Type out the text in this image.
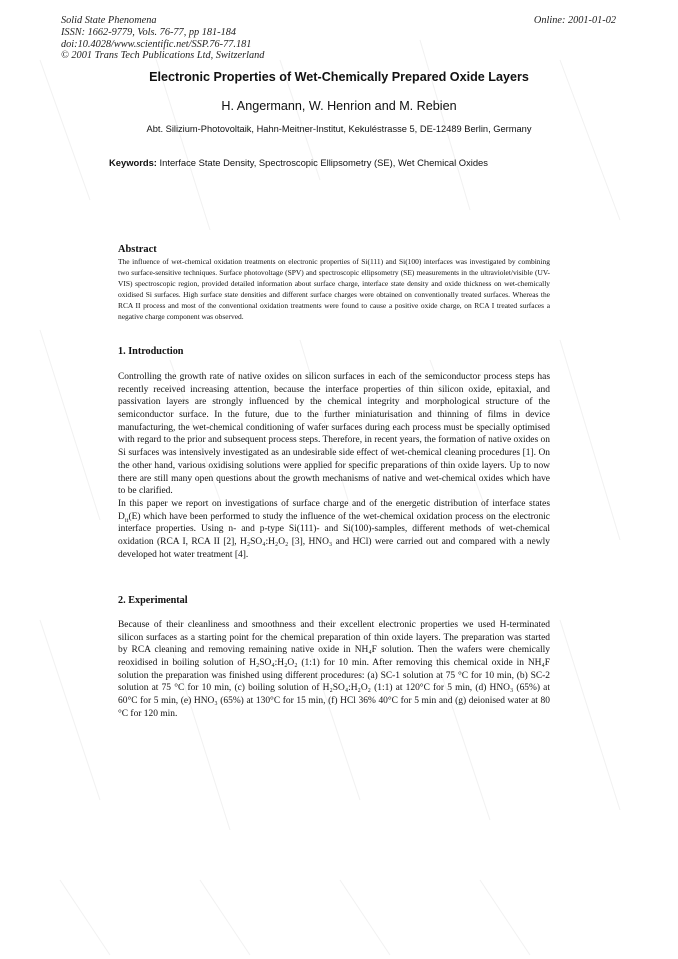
Solid State Phenomena
ISSN: 1662-9779, Vols. 76-77, pp 181-184
doi:10.4028/www.scientific.net/SSP.76-77.181
© 2001 Trans Tech Publications Ltd, Switzerland
Online: 2001-01-02
Electronic Properties of Wet-Chemically Prepared Oxide Layers
H. Angermann, W. Henrion and M. Rebien
Abt. Silizium-Photovoltaik, Hahn-Meitner-Institut, Kekuléstrasse 5, DE-12489 Berlin, Germany
Keywords: Interface State Density, Spectroscopic Ellipsometry (SE), Wet Chemical Oxides
Abstract
The influence of wet-chemical oxidation treatments on electronic properties of Si(111) and Si(100) interfaces was investigated by combining two surface-sensitive techniques. Surface photovoltage (SPV) and spectroscopic ellipsometry (SE) measurements in the ultraviolet/visible (UV-VIS) spectroscopic region, provided detailed information about surface charge, interface state density and oxide thickness on wet-chemically oxidised Si surfaces. High surface state densities and different surface charges were obtained on conventionally treated surfaces. Whereas the RCA II process and most of the conventional oxidation treatments were found to cause a positive oxide charge, on RCA I treated surfaces a negative charge component was observed.
1. Introduction

Controlling the growth rate of native oxides on silicon surfaces in each of the semiconductor process steps has recently received increasing attention, because the interface properties of thin silicon oxide, epitaxial, and passivation layers are strongly influenced by the chemical integrity and morphological structure of the semiconductor surface. In the future, due to the further miniaturisation and thinning of films in device manufacturing, the wet-chemical conditioning of wafer surfaces during each process must be specially optimised with regard to the prior and subsequent process steps. Therefore, in recent years, the formation of native oxides on Si surfaces was intensively investigated as an undesirable side effect of wet-chemical cleaning procedures [1]. On the other hand, various oxidising solutions were applied for specific preparations of thin oxide layers. Up to now there are still many open questions about the growth mechanisms of native and wet-chemical oxides which have to be clarified.

In this paper we report on investigations of surface charge and of the energetic distribution of interface states $D_{it}(E)$ which have been performed to study the influence of the wet-chemical oxidation process on the electronic interface properties. Using n- and p-type Si(111)- and Si(100)-samples, different methods of wet-chemical oxidation (RCA I, RCA II [2], H₂SO₄:H₂O₂ [3], HNO₃ and HCl) were carried out and compared with a newly developed hot water treatment [4].

2. Experimental

Because of their cleanliness and smoothness and their excellent electronic properties we used H-terminated silicon surfaces as a starting point for the chemical preparation of thin oxide layers. The preparation was started by RCA cleaning and removing remaining native oxide in NH₄F solution. Then the wafers were chemically reoxidised in boiling solution of H₂SO₄:H₂O₂ (1:1) for 10 min. After removing this chemical oxide in NH₄F solution the preparation was finished using different procedures: (a) SC-1 solution at 75 °C for 10 min, (b) SC-2 solution at 75 °C for 10 min, (c) boiling solution of H₂SO₄:H₂O₂ (1:1) at 120°C for 5 min, (d) HNO₃ (65%) at 60°C for 5 min, (e) HNO₃ (65%) at 130°C for 15 min, (f) HCl 36% 40°C for 5 min and (g) deionised water at 80 °C for 120 min.
